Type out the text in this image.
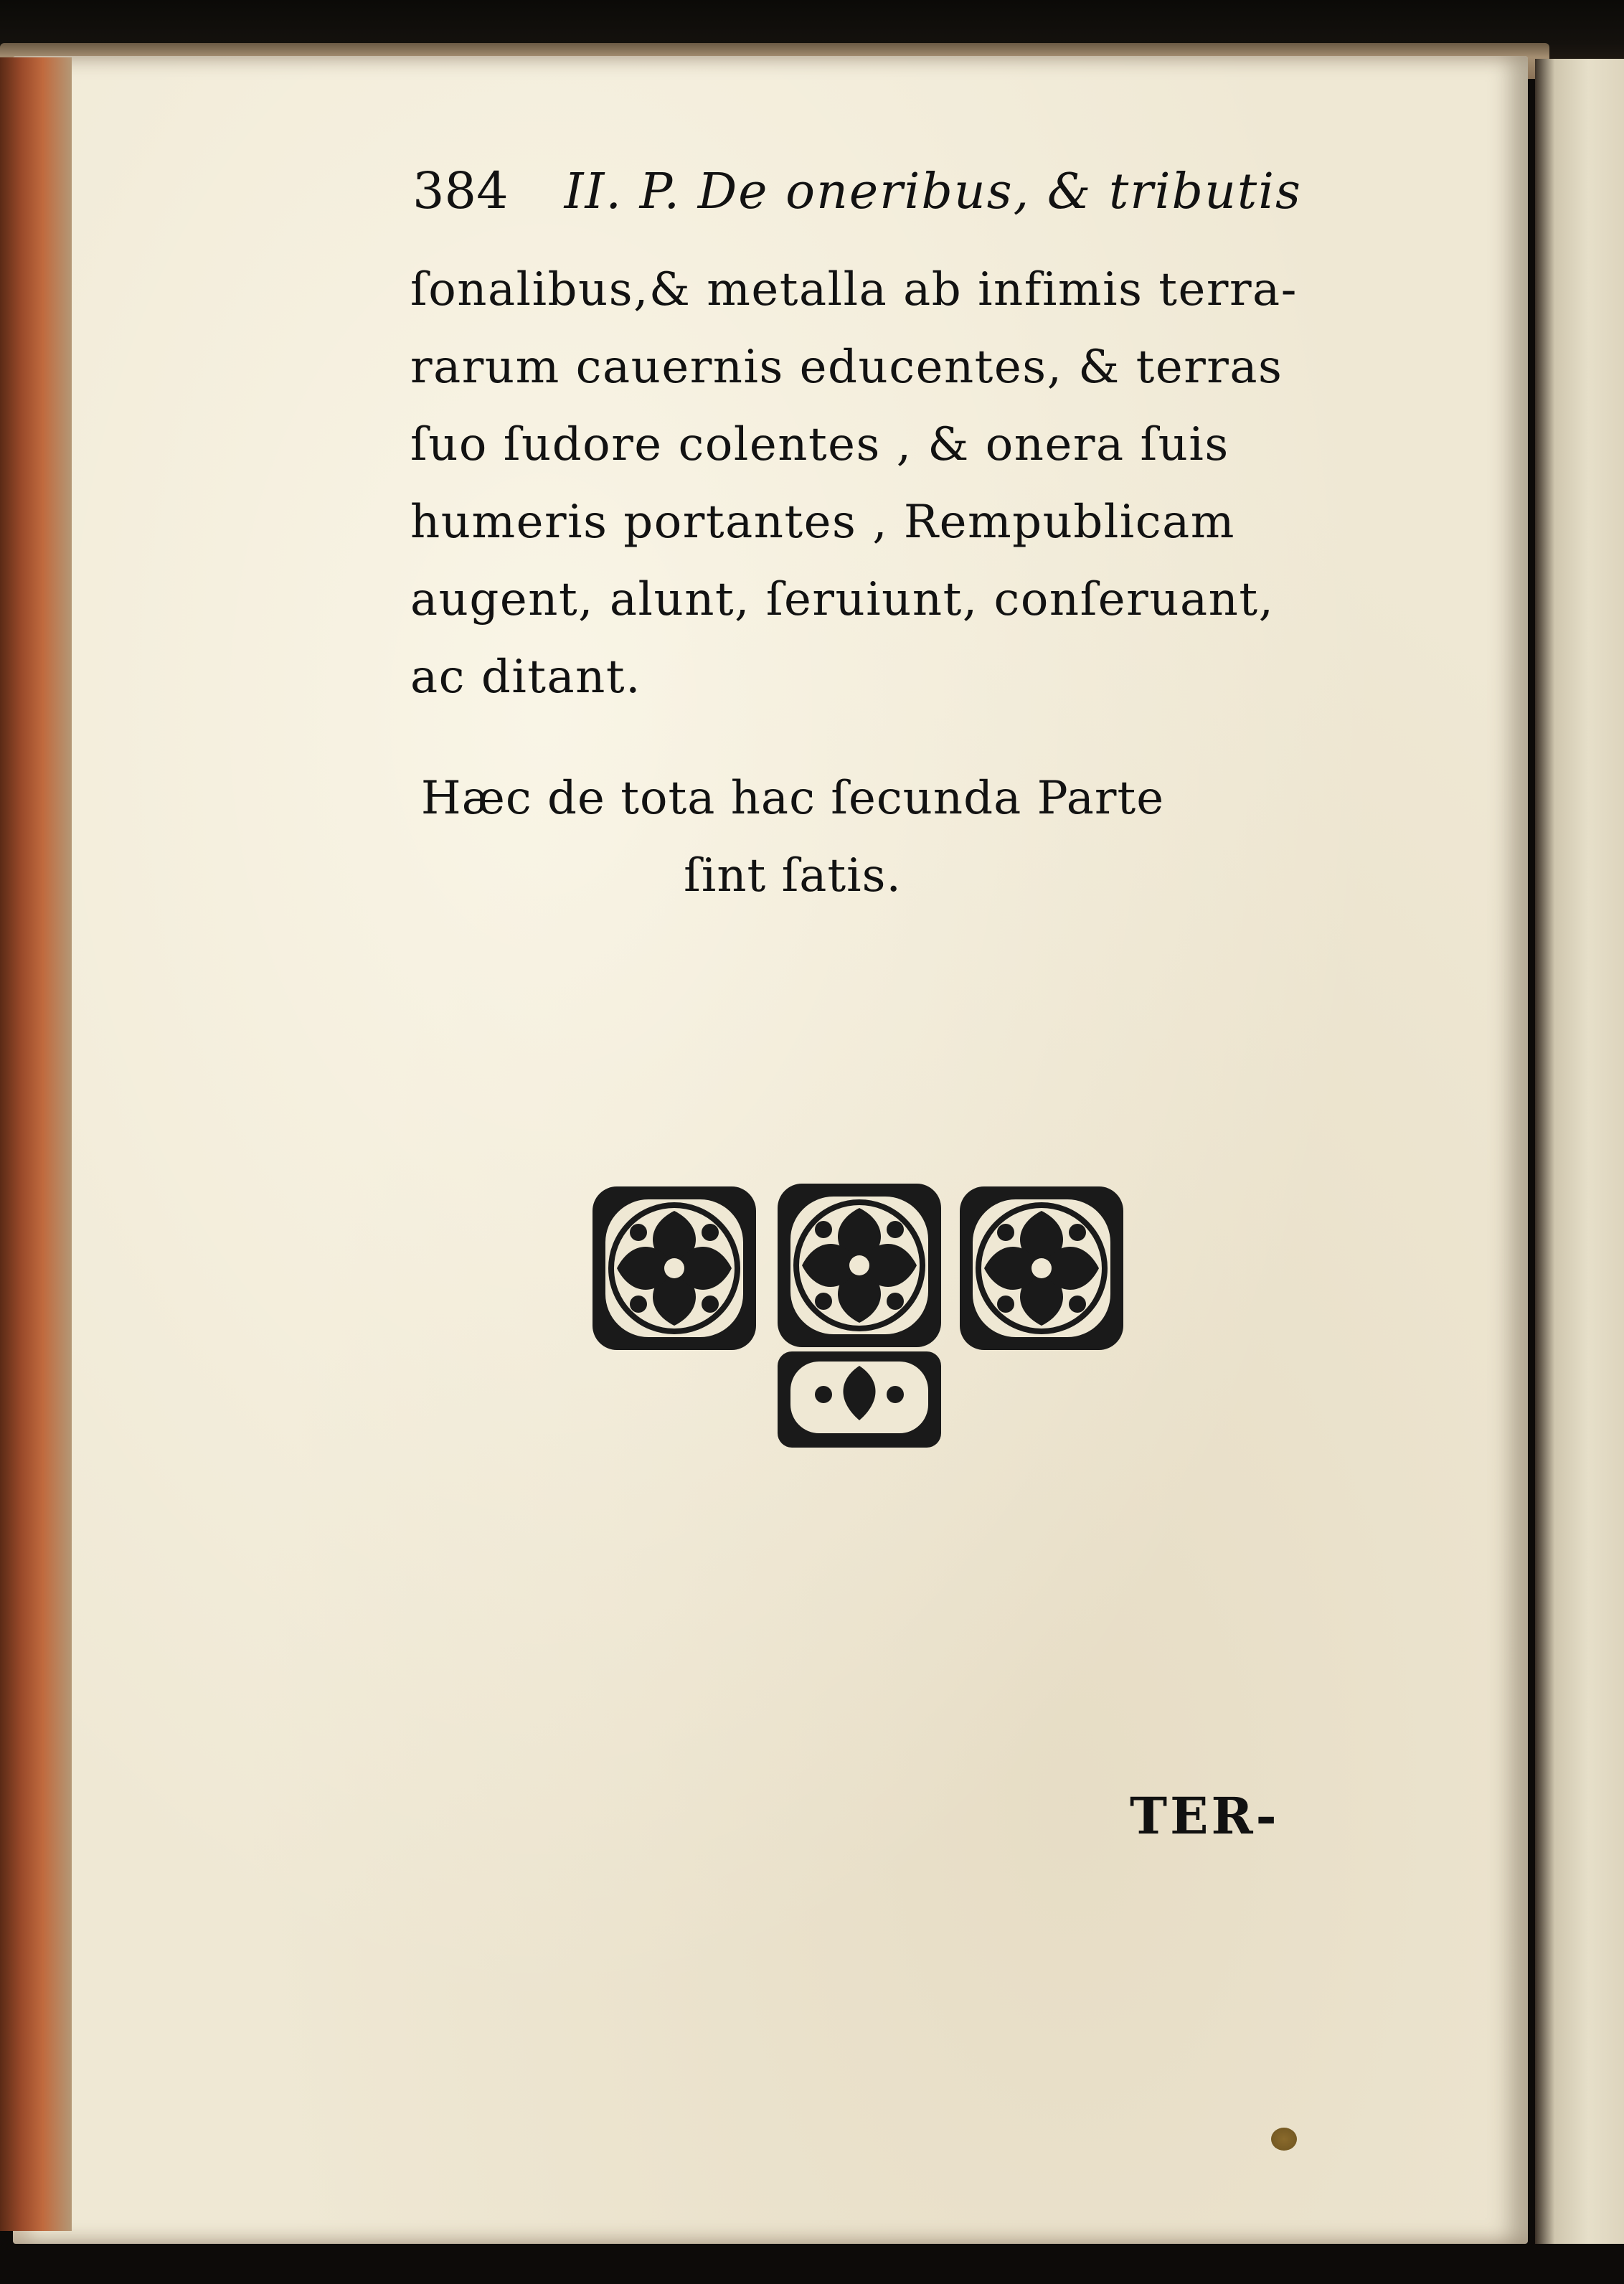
384 II. P. De oneribus, & tributis
ſonalibus,& metalla ab infimis terra-
rarum cauernis educentes, & terras
ſuo ſudore colentes , & onera ſuis
humeris portantes , Rempublicam
augent, alunt, ſeruiunt, conſeruant,
ac ditant.
Hæc de tota hac ſecunda Parte
ſint ſatis.
TER-
